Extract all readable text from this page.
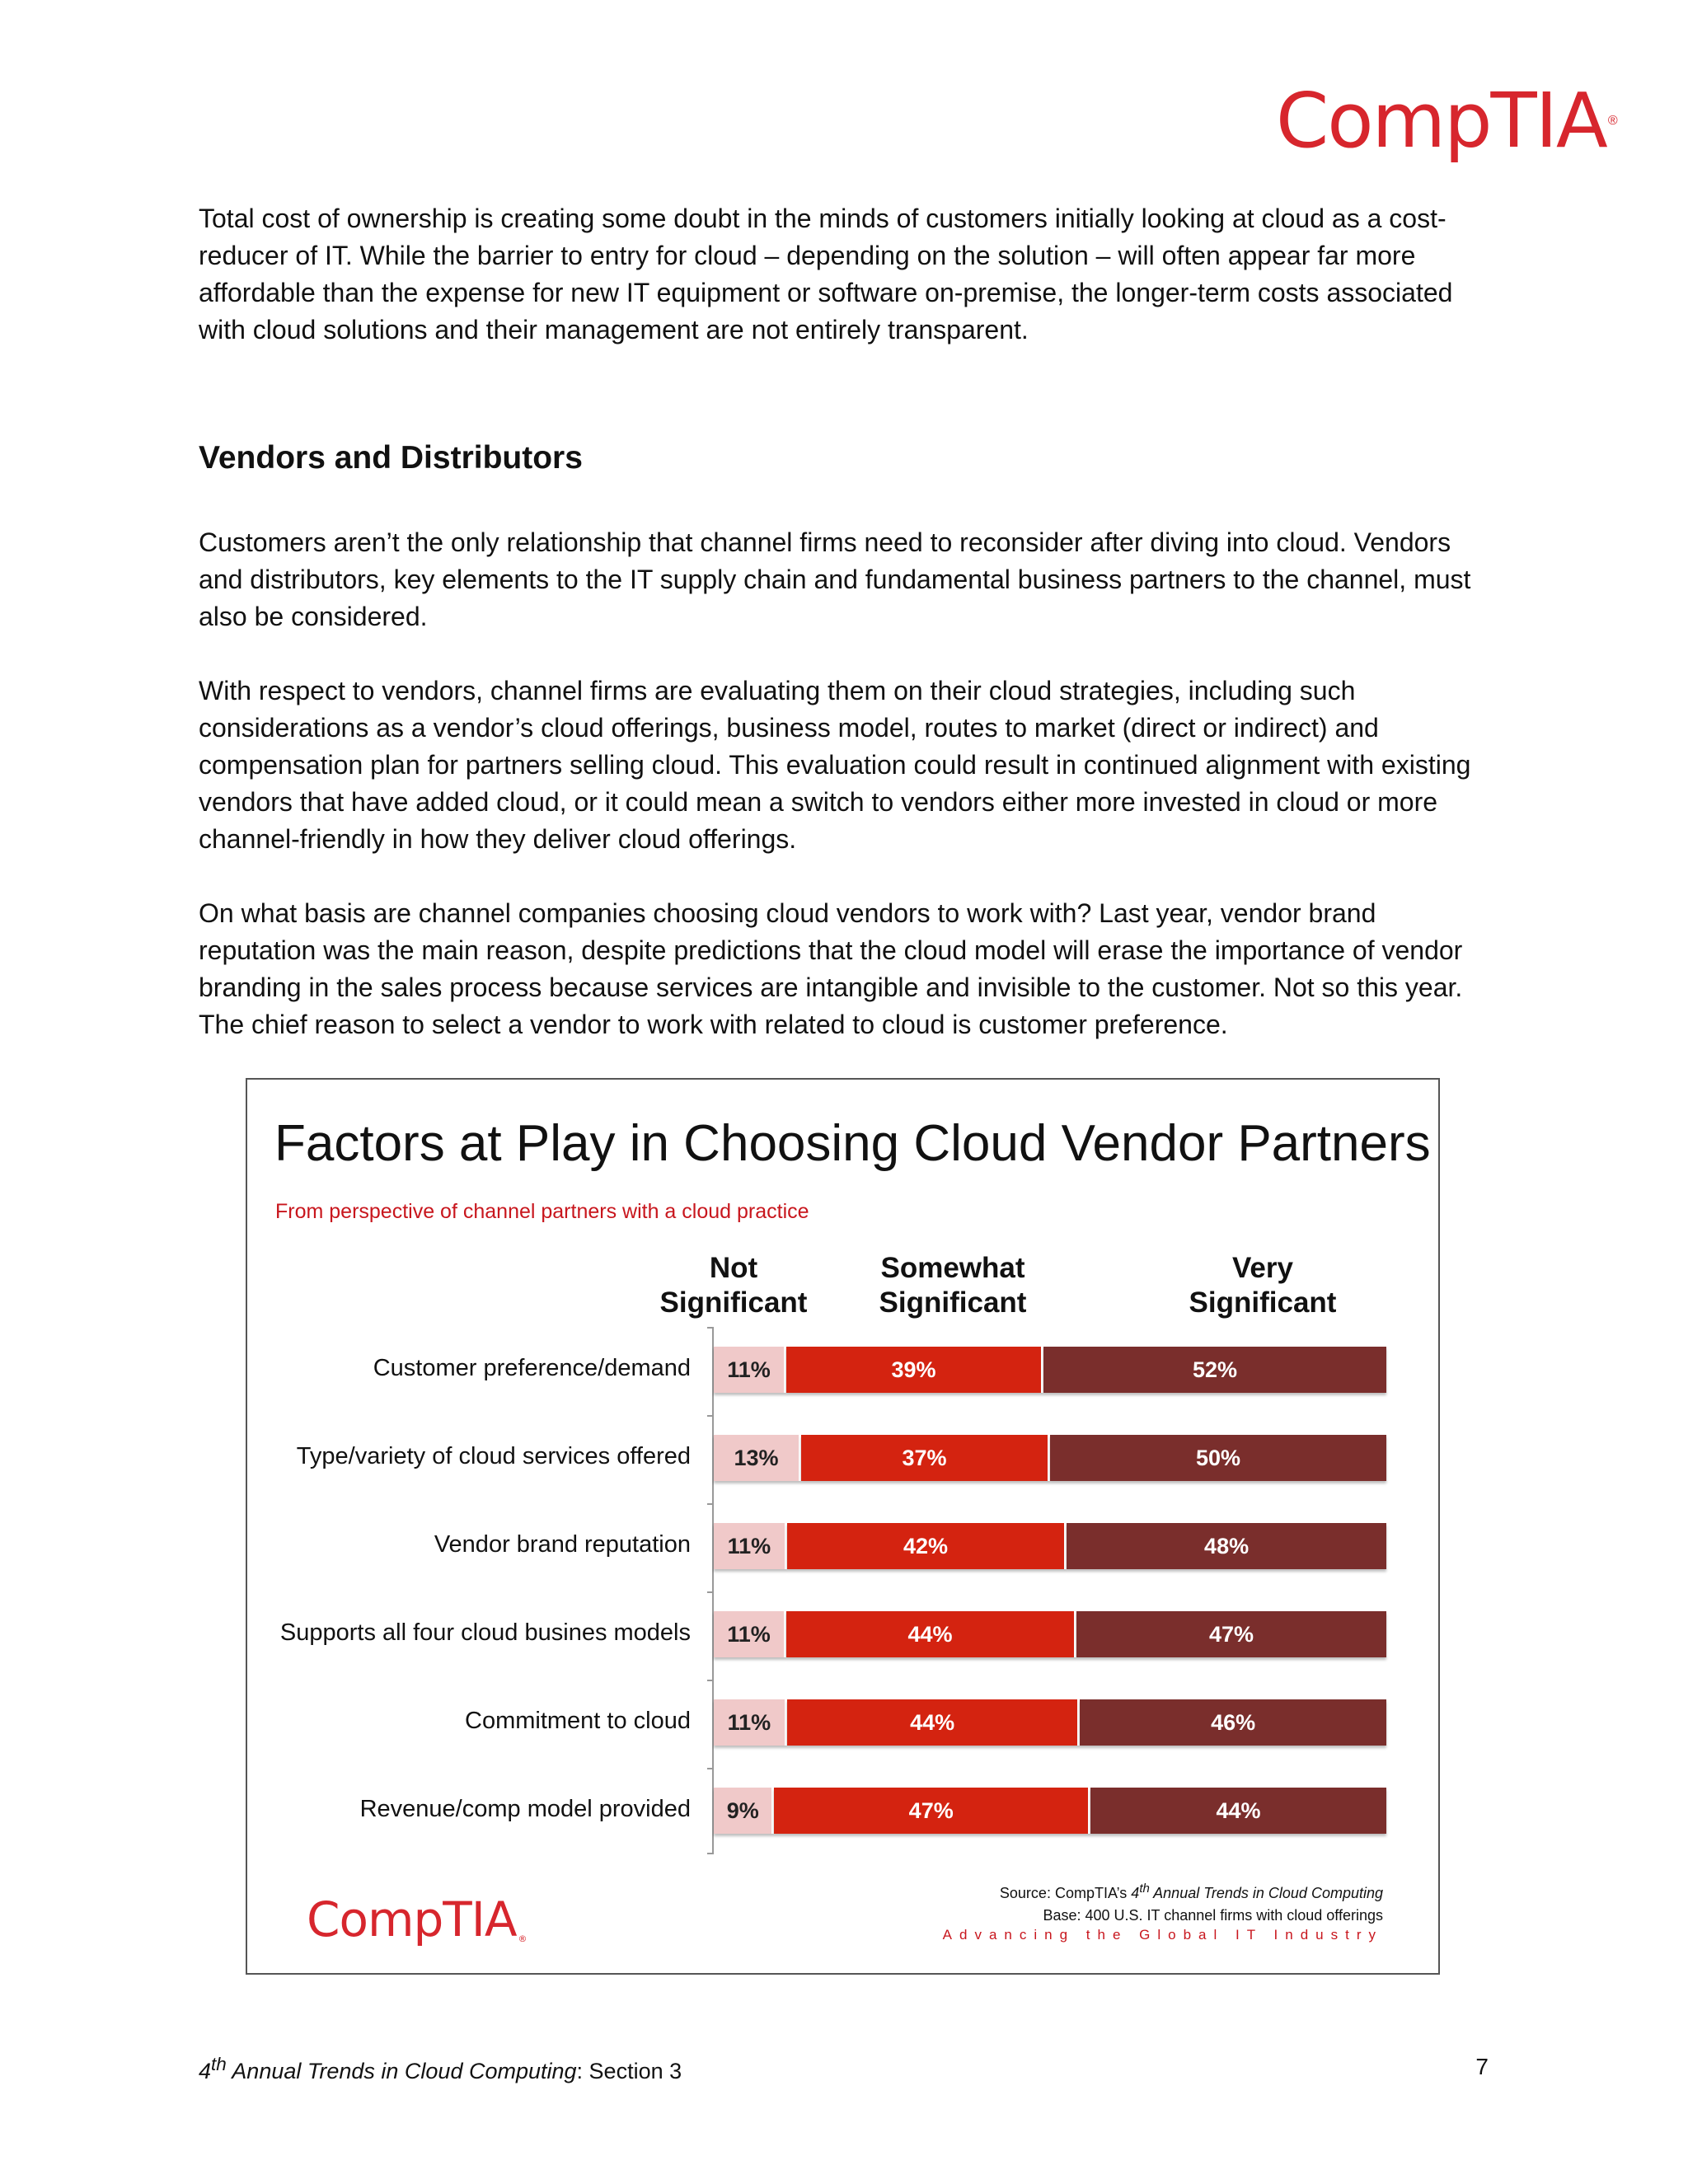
CompTIA ®

Total cost of ownership is creating some doubt in the minds of customers initially looking at cloud as a cost-reducer of IT. While the barrier to entry for cloud – depending on the solution – will often appear far more affordable than the expense for new IT equipment or software on-premise, the longer-term costs associated with cloud solutions and their management are not entirely transparent.

Vendors and Distributors

Customers aren’t the only relationship that channel firms need to reconsider after diving into cloud. Vendors and distributors, key elements to the IT supply chain and fundamental business partners to the channel, must also be considered.

With respect to vendors, channel firms are evaluating them on their cloud strategies, including such considerations as a vendor’s cloud offerings, business model, routes to market (direct or indirect) and compensation plan for partners selling cloud. This evaluation could result in continued alignment with existing vendors that have added cloud, or it could mean a switch to vendors either more invested in cloud or more channel-friendly in how they deliver cloud offerings.

On what basis are channel companies choosing cloud vendors to work with? Last year, vendor brand reputation was the main reason, despite predictions that the cloud model will erase the importance of vendor branding in the sales process because services are intangible and invisible to the customer. Not so this year. The chief reason to select a vendor to work with related to cloud is customer preference.

Factors at Play in Choosing Cloud Vendor Partners
From perspective of channel partners with a cloud practice
Not
Significant
Somewhat
Significant
Very
Significant
Customer preference/demand 11%	39%	52%
Type/variety of cloud services offered 13%	37%	50%
Vendor brand reputation 11%	42%	48%
Supports all four cloud busines models 11%	44%	47%
Commitment to cloud 11%	44%	46%
Revenue/comp model provided 9%	47%	44%
CompTIA ®
Source: CompTIA’s 4th Annual Trends in Cloud Computing
Base: 400 U.S. IT channel firms with cloud offerings
Advancing the Global IT Industry
4th Annual Trends in Cloud Computing: Section 3	7
